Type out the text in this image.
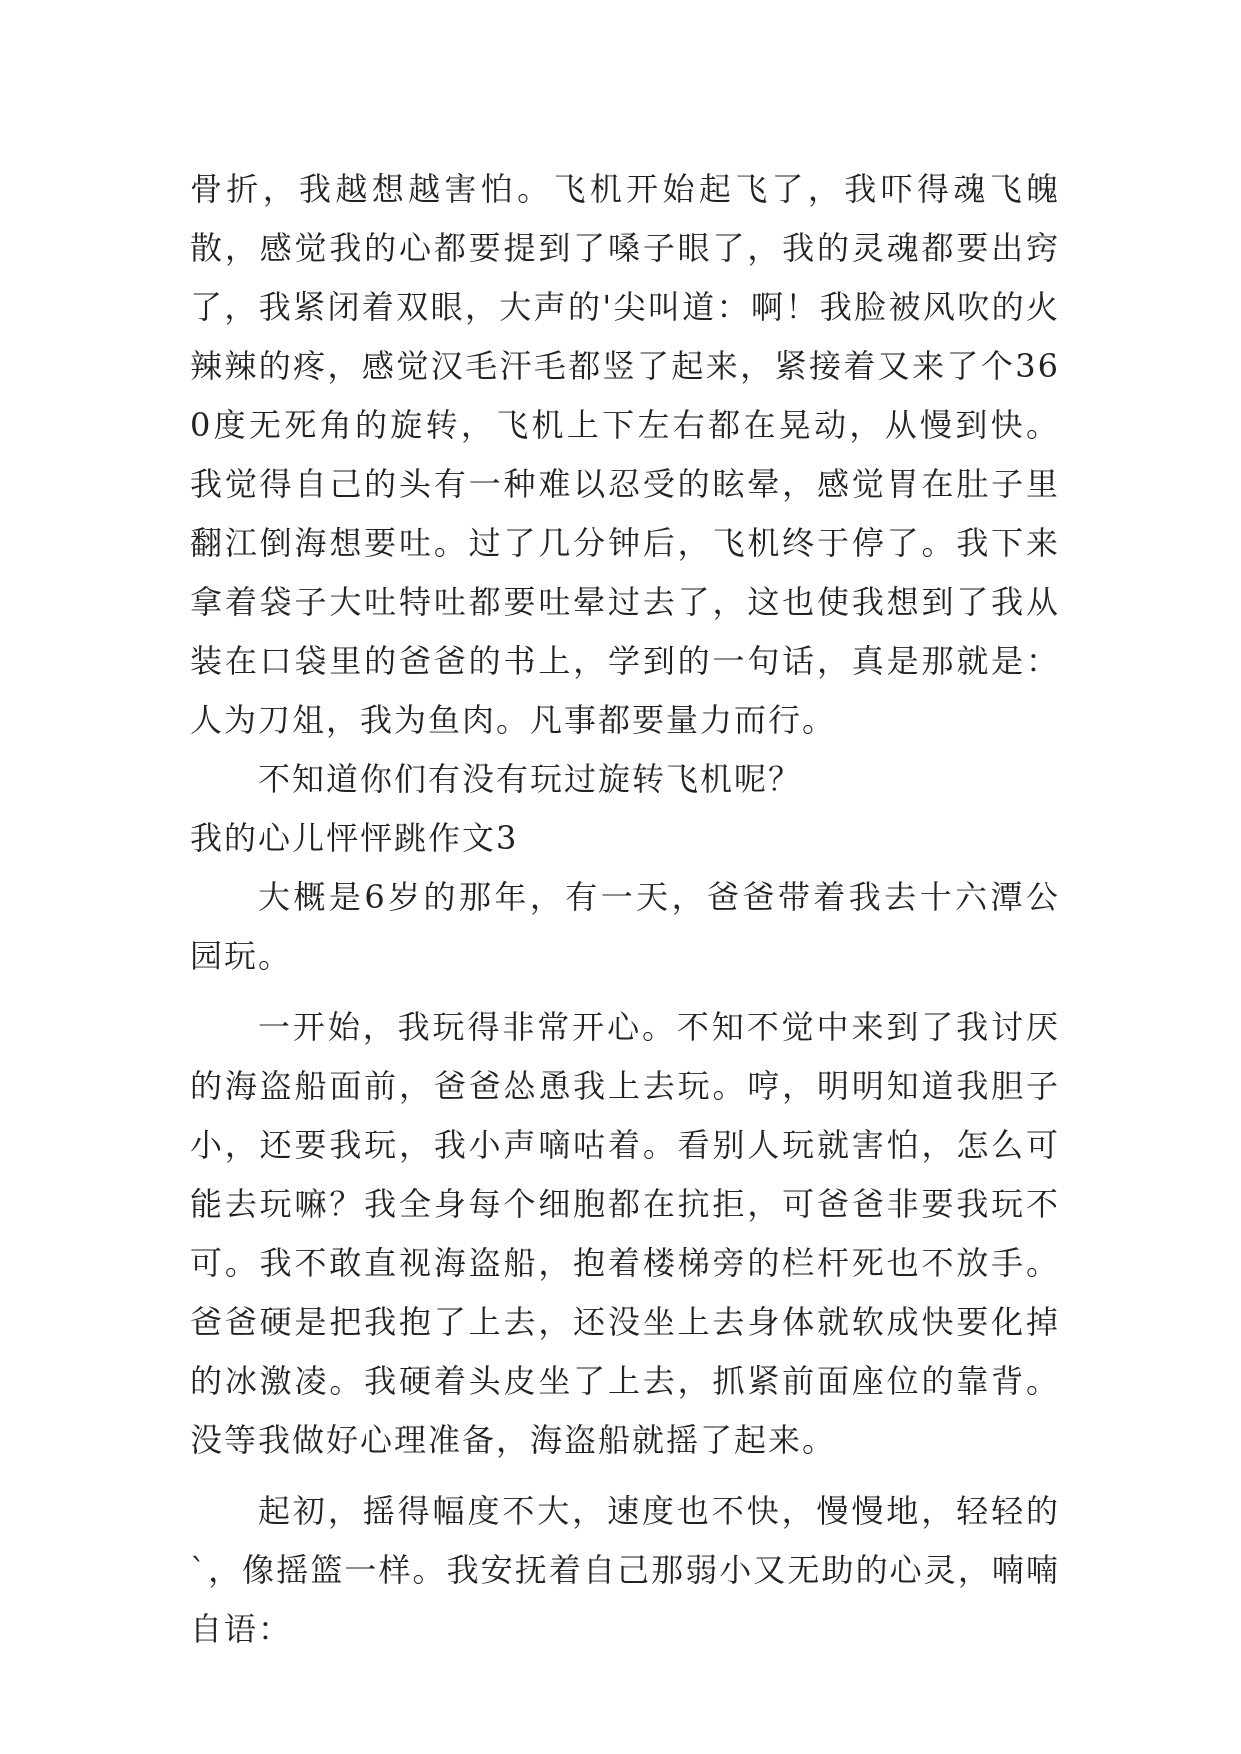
骨折，我越想越害怕。飞机开始起飞了，我吓得魂飞魄散，感觉我的心都要提到了嗓子眼了，我的灵魂都要出窍了，我紧闭着双眼，大声的'尖叫道：啊！我脸被风吹的火辣辣的疼，感觉汉毛汗毛都竖了起来，紧接着又来了个360度无死角的旋转，飞机上下左右都在晃动，从慢到快。我觉得自己的头有一种难以忍受的眩晕，感觉胃在肚子里翻江倒海想要吐。过了几分钟后，飞机终于停了。我下来拿着袋子大吐特吐都要吐晕过去了，这也使我想到了我从装在口袋里的爸爸的书上，学到的一句话，真是那就是：人为刀俎，我为鱼肉。凡事都要量力而行。

不知道你们有没有玩过旋转飞机呢？

我的心儿怦怦跳作文3

大概是6岁的那年，有一天，爸爸带着我去十六潭公园玩。

一开始，我玩得非常开心。不知不觉中来到了我讨厌的海盗船面前，爸爸怂恿我上去玩。哼，明明知道我胆子小，还要我玩，我小声嘀咕着。看别人玩就害怕，怎么可能去玩嘛？我全身每个细胞都在抗拒，可爸爸非要我玩不可。我不敢直视海盗船，抱着楼梯旁的栏杆死也不放手。爸爸硬是把我抱了上去，还没坐上去身体就软成快要化掉的冰激凌。我硬着头皮坐了上去，抓紧前面座位的靠背。没等我做好心理准备，海盗船就摇了起来。

起初，摇得幅度不大，速度也不快，慢慢地，轻轻的`，像摇篮一样。我安抚着自己那弱小又无助的心灵，喃喃自语：
